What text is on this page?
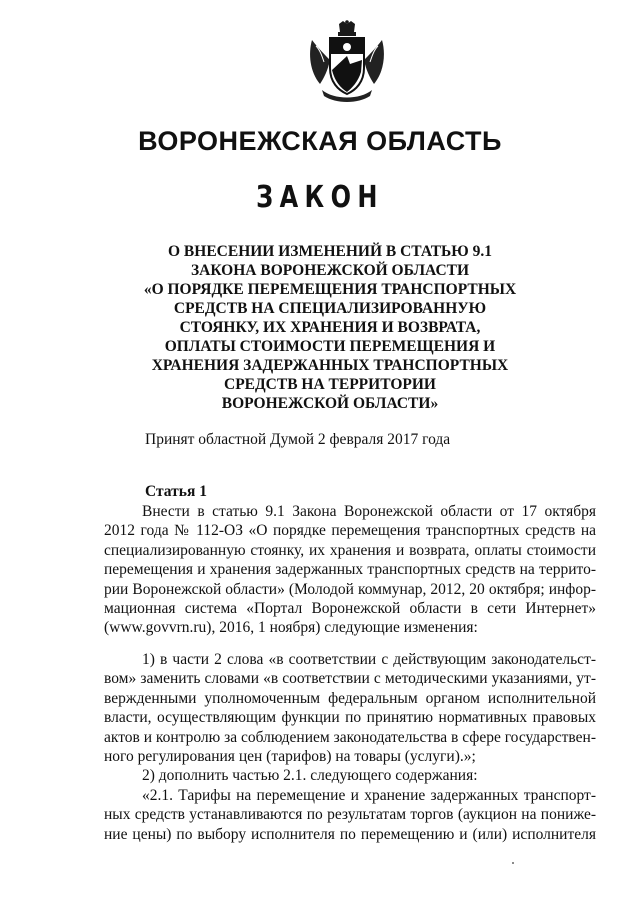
ВОРОНЕЖСКАЯ ОБЛАСТЬ
ЗАКОН
О ВНЕСЕНИИ ИЗМЕНЕНИЙ В СТАТЬЮ 9.1
ЗАКОНА ВОРОНЕЖСКОЙ ОБЛАСТИ
«О ПОРЯДКЕ ПЕРЕМЕЩЕНИЯ ТРАНСПОРТНЫХ
СРЕДСТВ НА СПЕЦИАЛИЗИРОВАННУЮ
СТОЯНКУ, ИХ ХРАНЕНИЯ И ВОЗВРАТА,
ОПЛАТЫ СТОИМОСТИ ПЕРЕМЕЩЕНИЯ И
ХРАНЕНИЯ ЗАДЕРЖАННЫХ ТРАНСПОРТНЫХ
СРЕДСТВ НА ТЕРРИТОРИИ
ВОРОНЕЖСКОЙ ОБЛАСТИ»
Принят областной Думой 2 февраля 2017 года
Статья 1
Внести в статью 9.1 Закона Воронежской области от 17 октября
2012 года № 112-ОЗ «О порядке перемещения транспортных средств на
специализированную стоянку, их хранения и возврата, оплаты стоимости
перемещения и хранения задержанных транспортных средств на террито-
рии Воронежской области» (Молодой коммунар, 2012, 20 октября; инфор-
мационная система «Портал Воронежской области в сети Интернет»
(www.govvrn.ru), 2016, 1 ноября) следующие изменения:
1) в части 2 слова «в соответствии с действующим законодательст-
вом» заменить словами «в соответствии с методическими указаниями, ут-
вержденными уполномоченным федеральным органом исполнительной
власти, осуществляющим функции по принятию нормативных правовых
актов и контролю за соблюдением законодательства в сфере государствен-
ного регулирования цен (тарифов) на товары (услуги).»;
2) дополнить частью 2.1. следующего содержания:
«2.1. Тарифы на перемещение и хранение задержанных транспорт-
ных средств устанавливаются по результатам торгов (аукцион на пониже-
ние цены) по выбору исполнителя по перемещению и (или) исполнителя
